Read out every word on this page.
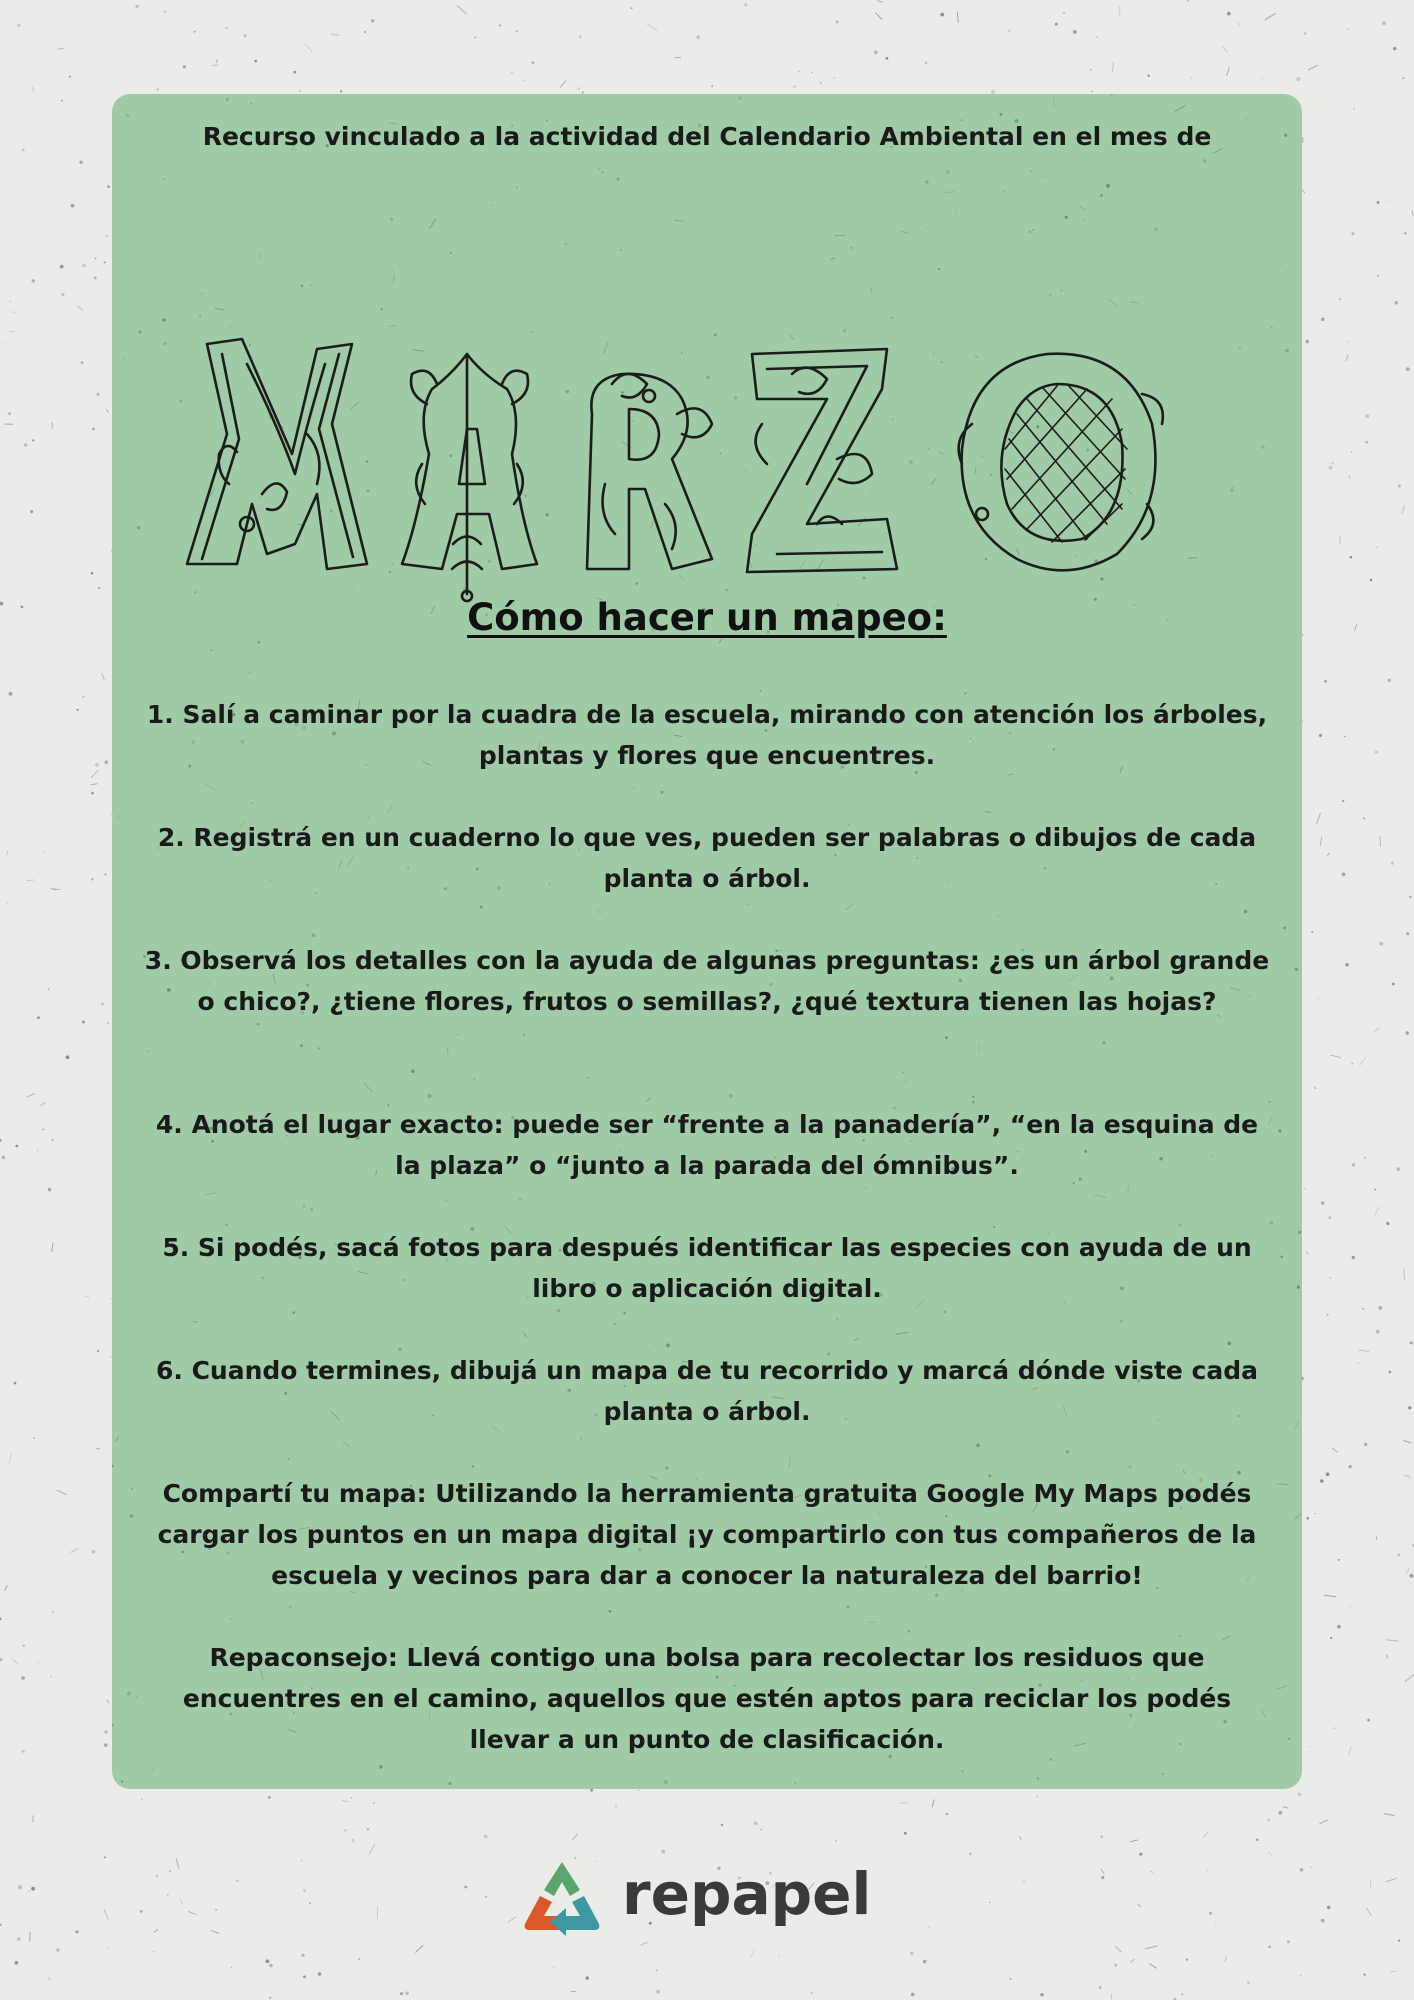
Recurso vinculado a la actividad del Calendario Ambiental en el mes de

Cómo hacer un mapeo:

1. Salí a caminar por la cuadra de la escuela, mirando con atención los árboles, plantas y flores que encuentres.

2. Registrá en un cuaderno lo que ves, pueden ser palabras o dibujos de cada planta o árbol.

3. Observá los detalles con la ayuda de algunas preguntas: ¿es un árbol grande o chico?, ¿tiene flores, frutos o semillas?, ¿qué textura tienen las hojas?

4. Anotá el lugar exacto: puede ser “frente a la panadería”, “en la esquina de la plaza” o “junto a la parada del ómnibus”.

5. Si podés, sacá fotos para después identificar las especies con ayuda de un libro o aplicación digital.

6. Cuando termines, dibujá un mapa de tu recorrido y marcá dónde viste cada planta o árbol.

Compartí tu mapa: Utilizando la herramienta gratuita Google My Maps podés cargar los puntos en un mapa digital ¡y compartirlo con tus compañeros de la escuela y vecinos para dar a conocer la naturaleza del barrio!

Repaconsejo: Llevá contigo una bolsa para recolectar los residuos que encuentres en el camino, aquellos que estén aptos para reciclar los podés llevar a un punto de clasificación.

repapel
